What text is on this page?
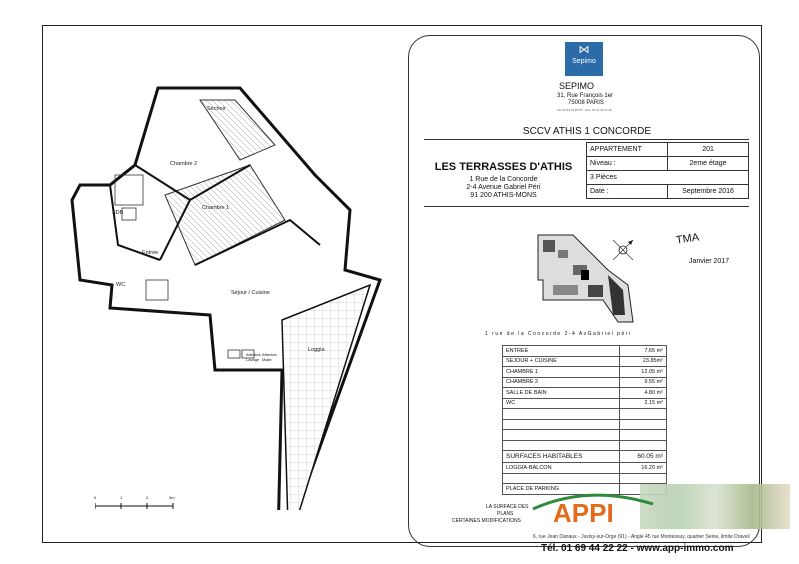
Séchoir
Chambre 2
Chambre 1
SDB
Entrée
WC
Séjour / Cuisine
Loggia
Attentes Lavage
Attentes Malle
0	1	2	3m
⋈
Sepimo
SEPIMO
31, Rue François 1er
75008 PARIS
Tel: 01 53 43 87 87 - Fax: 01 47 23 27 40
SCCV ATHIS 1 CONCORDE
LES TERRASSES D'ATHIS
1 Rue de la Concorde
2-4 Avenue Gabriel Péri
91 200 ATHIS-MONS
APPARTEMENT	201
Niveau :	2eme étage
3 Pièces	
Date :	Septembre 2016
TMA
Janvier 2017
1 rue de la Concorde 2-4 AvGabriel péri
ENTREE	7.65 m²
SEJOUR + CUISINE	23.85m²
CHAMBRE 1	12.05 m²
CHAMBRE 2	9.55 m²
SALLE DE BAIN	4.80 m²
WC	2.15 m²

SURFACES HABITABLES	60.05 m²
LOGGIA-BALCON	16.20 m²

PLACE DE PARKING	
LA SURFACE DES
PLANS
CERTAINES MODIFICATIONS APPI
6, rue Jean Danaux - Juvisy-sur-Orge (91) - Angle 45 rue Montessuy, quartier Seine, limite Draveil
Tél. 01 69 44 22 22 - www.app-immo.com
